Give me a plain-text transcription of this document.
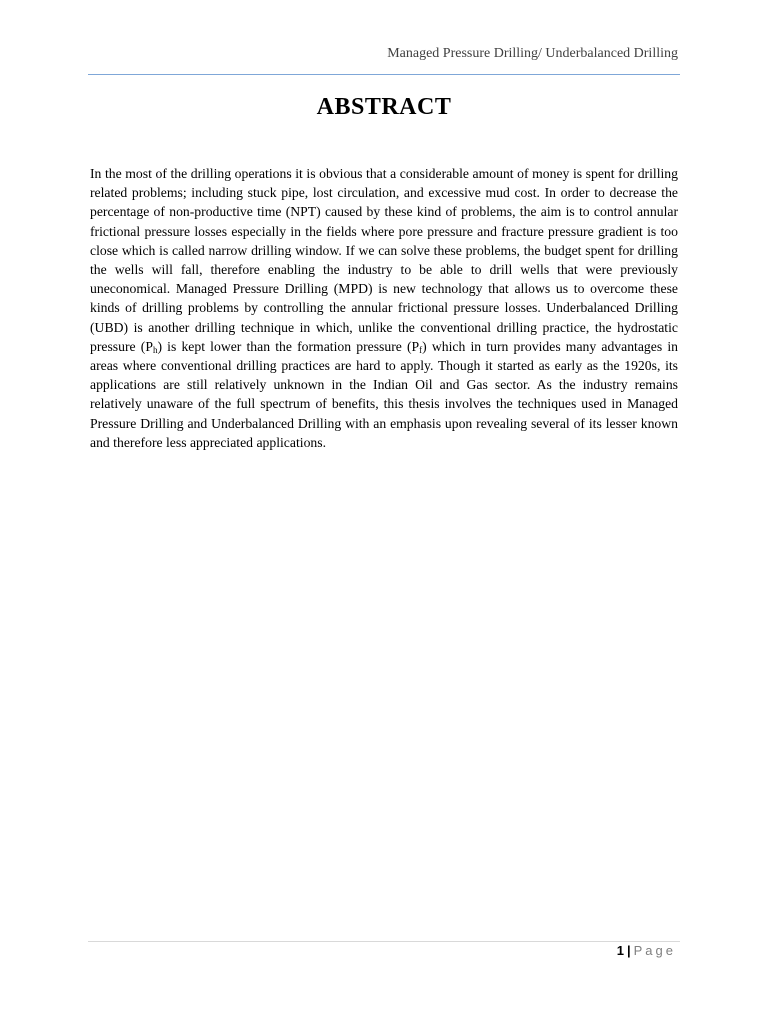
Managed Pressure Drilling/ Underbalanced Drilling
ABSTRACT

In the most of the drilling operations it is obvious that a considerable amount of money is spent for drilling related problems; including stuck pipe, lost circulation, and excessive mud cost. In order to decrease the percentage of non-productive time (NPT) caused by these kind of problems, the aim is to control annular frictional pressure losses especially in the fields where pore pressure and fracture pressure gradient is too close which is called narrow drilling window. If we can solve these problems, the budget spent for drilling the wells will fall, therefore enabling the industry to be able to drill wells that were previously uneconomical. Managed Pressure Drilling (MPD) is new technology that allows us to overcome these kinds of drilling problems by controlling the annular frictional pressure losses. Underbalanced Drilling (UBD) is another drilling technique in which, unlike the conventional drilling practice, the hydrostatic pressure $(P_h)$ is kept lower than the formation pressure $(P_f)$ which in turn provides many advantages in areas where conventional drilling practices are hard to apply. Though it started as early as the 1920s, its applications are still relatively unknown in the Indian Oil and Gas sector. As the industry remains relatively unaware of the full spectrum of benefits, this thesis involves the techniques used in Managed Pressure Drilling and Underbalanced Drilling with an emphasis upon revealing several of its lesser known and therefore less appreciated applications.

1 | Page
